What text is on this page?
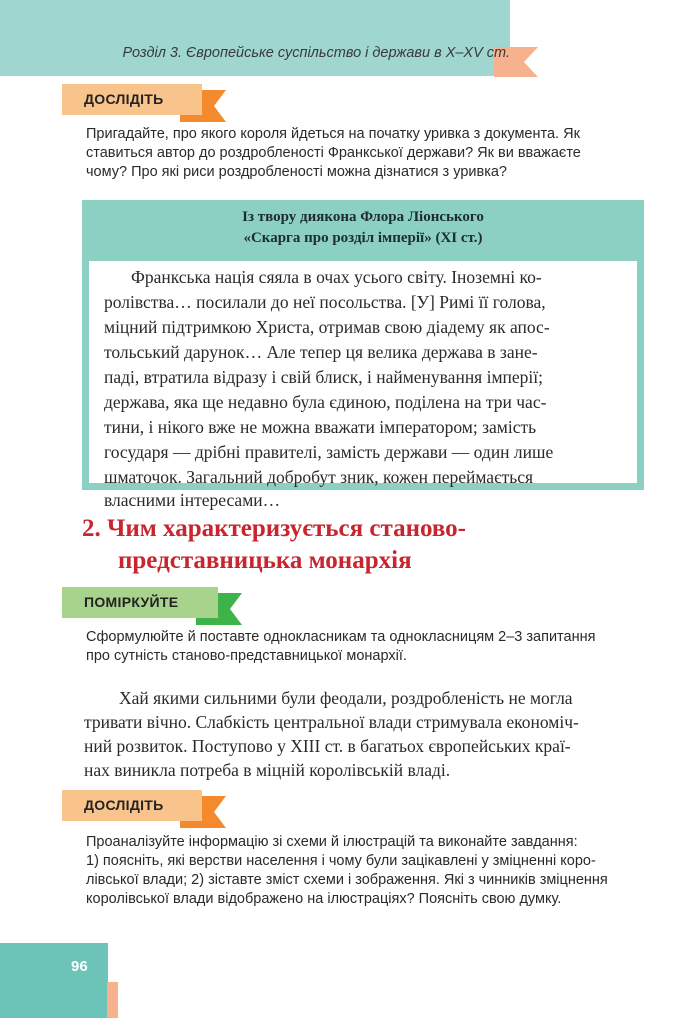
Розділ 3. Європейське суспільство і держави в X–XV ст.
ДОСЛІДІТЬ
Пригадайте, про якого короля йдеться на початку уривка з документа. Як
ставиться автор до роздробленості Франкської держави? Як ви вважаєте
чому? Про які риси роздробленості можна дізнатися з уривка?
Із твору диякона Флора Ліонського
«Скарга про розділ імперії» (XI ст.)
Франкська нація сяяла в очах усього світу. Іноземні ко-
ролівства… посилали до неї посольства. [У] Римі її голова,
міцний підтримкою Христа, отримав свою діадему як апос-
тольський дарунок… Але тепер ця велика держава в занe-
паді, втратила відразу і свій блиск, і найменування імперії;
держава, яка ще недавно була єдиною, поділена на три час-
тини, і нікого вже не можна вважати імператором; замість
государя — дрібні правителі, замість держави — один лише
шматочок. Загальний добробут зник, кожен переймається
власними інтересами…
2. Чим характеризується станово-
представницька монархія
ПОМІРКУЙТЕ
Сформулюйте й поставте однокласникам та однокласницям 2–3 запитання
про сутність станово-представницької монархії.
Хай якими сильними були феодали, роздробленість не могла
тривати вічно. Слабкість центральної влади стримувала економіч-
ний розвиток. Поступово у XIII ст. в багатьох європейських краї-
нах виникла потреба в міцній королівській владі.
ДОСЛІДІТЬ
Проаналізуйте інформацію зі схеми й ілюстрацій та виконайте завдання:
1) поясніть, які верстви населення і чому були зацікавлені у зміцненні коро-
лівської влади; 2) зіставте зміст схеми і зображення. Які з чинників зміцнення
королівської влади відображено на ілюстраціях? Поясніть свою думку.
96
